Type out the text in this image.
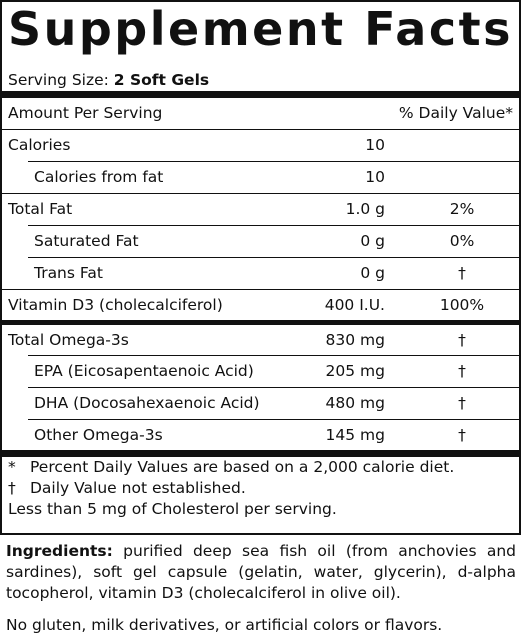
Supplement Facts
Serving Size: 2 Soft Gels
Amount Per Serving	% Daily Value*
Calories	10
Calories from fat	10
Total Fat	1.0 g	2%
Saturated Fat	0 g	0%
Trans Fat	0 g	†
Vitamin D3 (cholecalciferol)	400 I.U.	100%
Total Omega-3s	830 mg	†
EPA (Eicosapentaenoic Acid)	205 mg	†
DHA (Docosahexaenoic Acid)	480 mg	†
Other Omega-3s	145 mg	†
* Percent Daily Values are based on a 2,000 calorie diet.
† Daily Value not established.
Less than 5 mg of Cholesterol per serving.
Ingredients: purified deep sea fish oil (from anchovies and sardines), soft gel capsule (gelatin, water, glycerin), d-alpha tocopherol, vitamin D3 (cholecalciferol in olive oil).
No gluten, milk derivatives, or artificial colors or flavors.
